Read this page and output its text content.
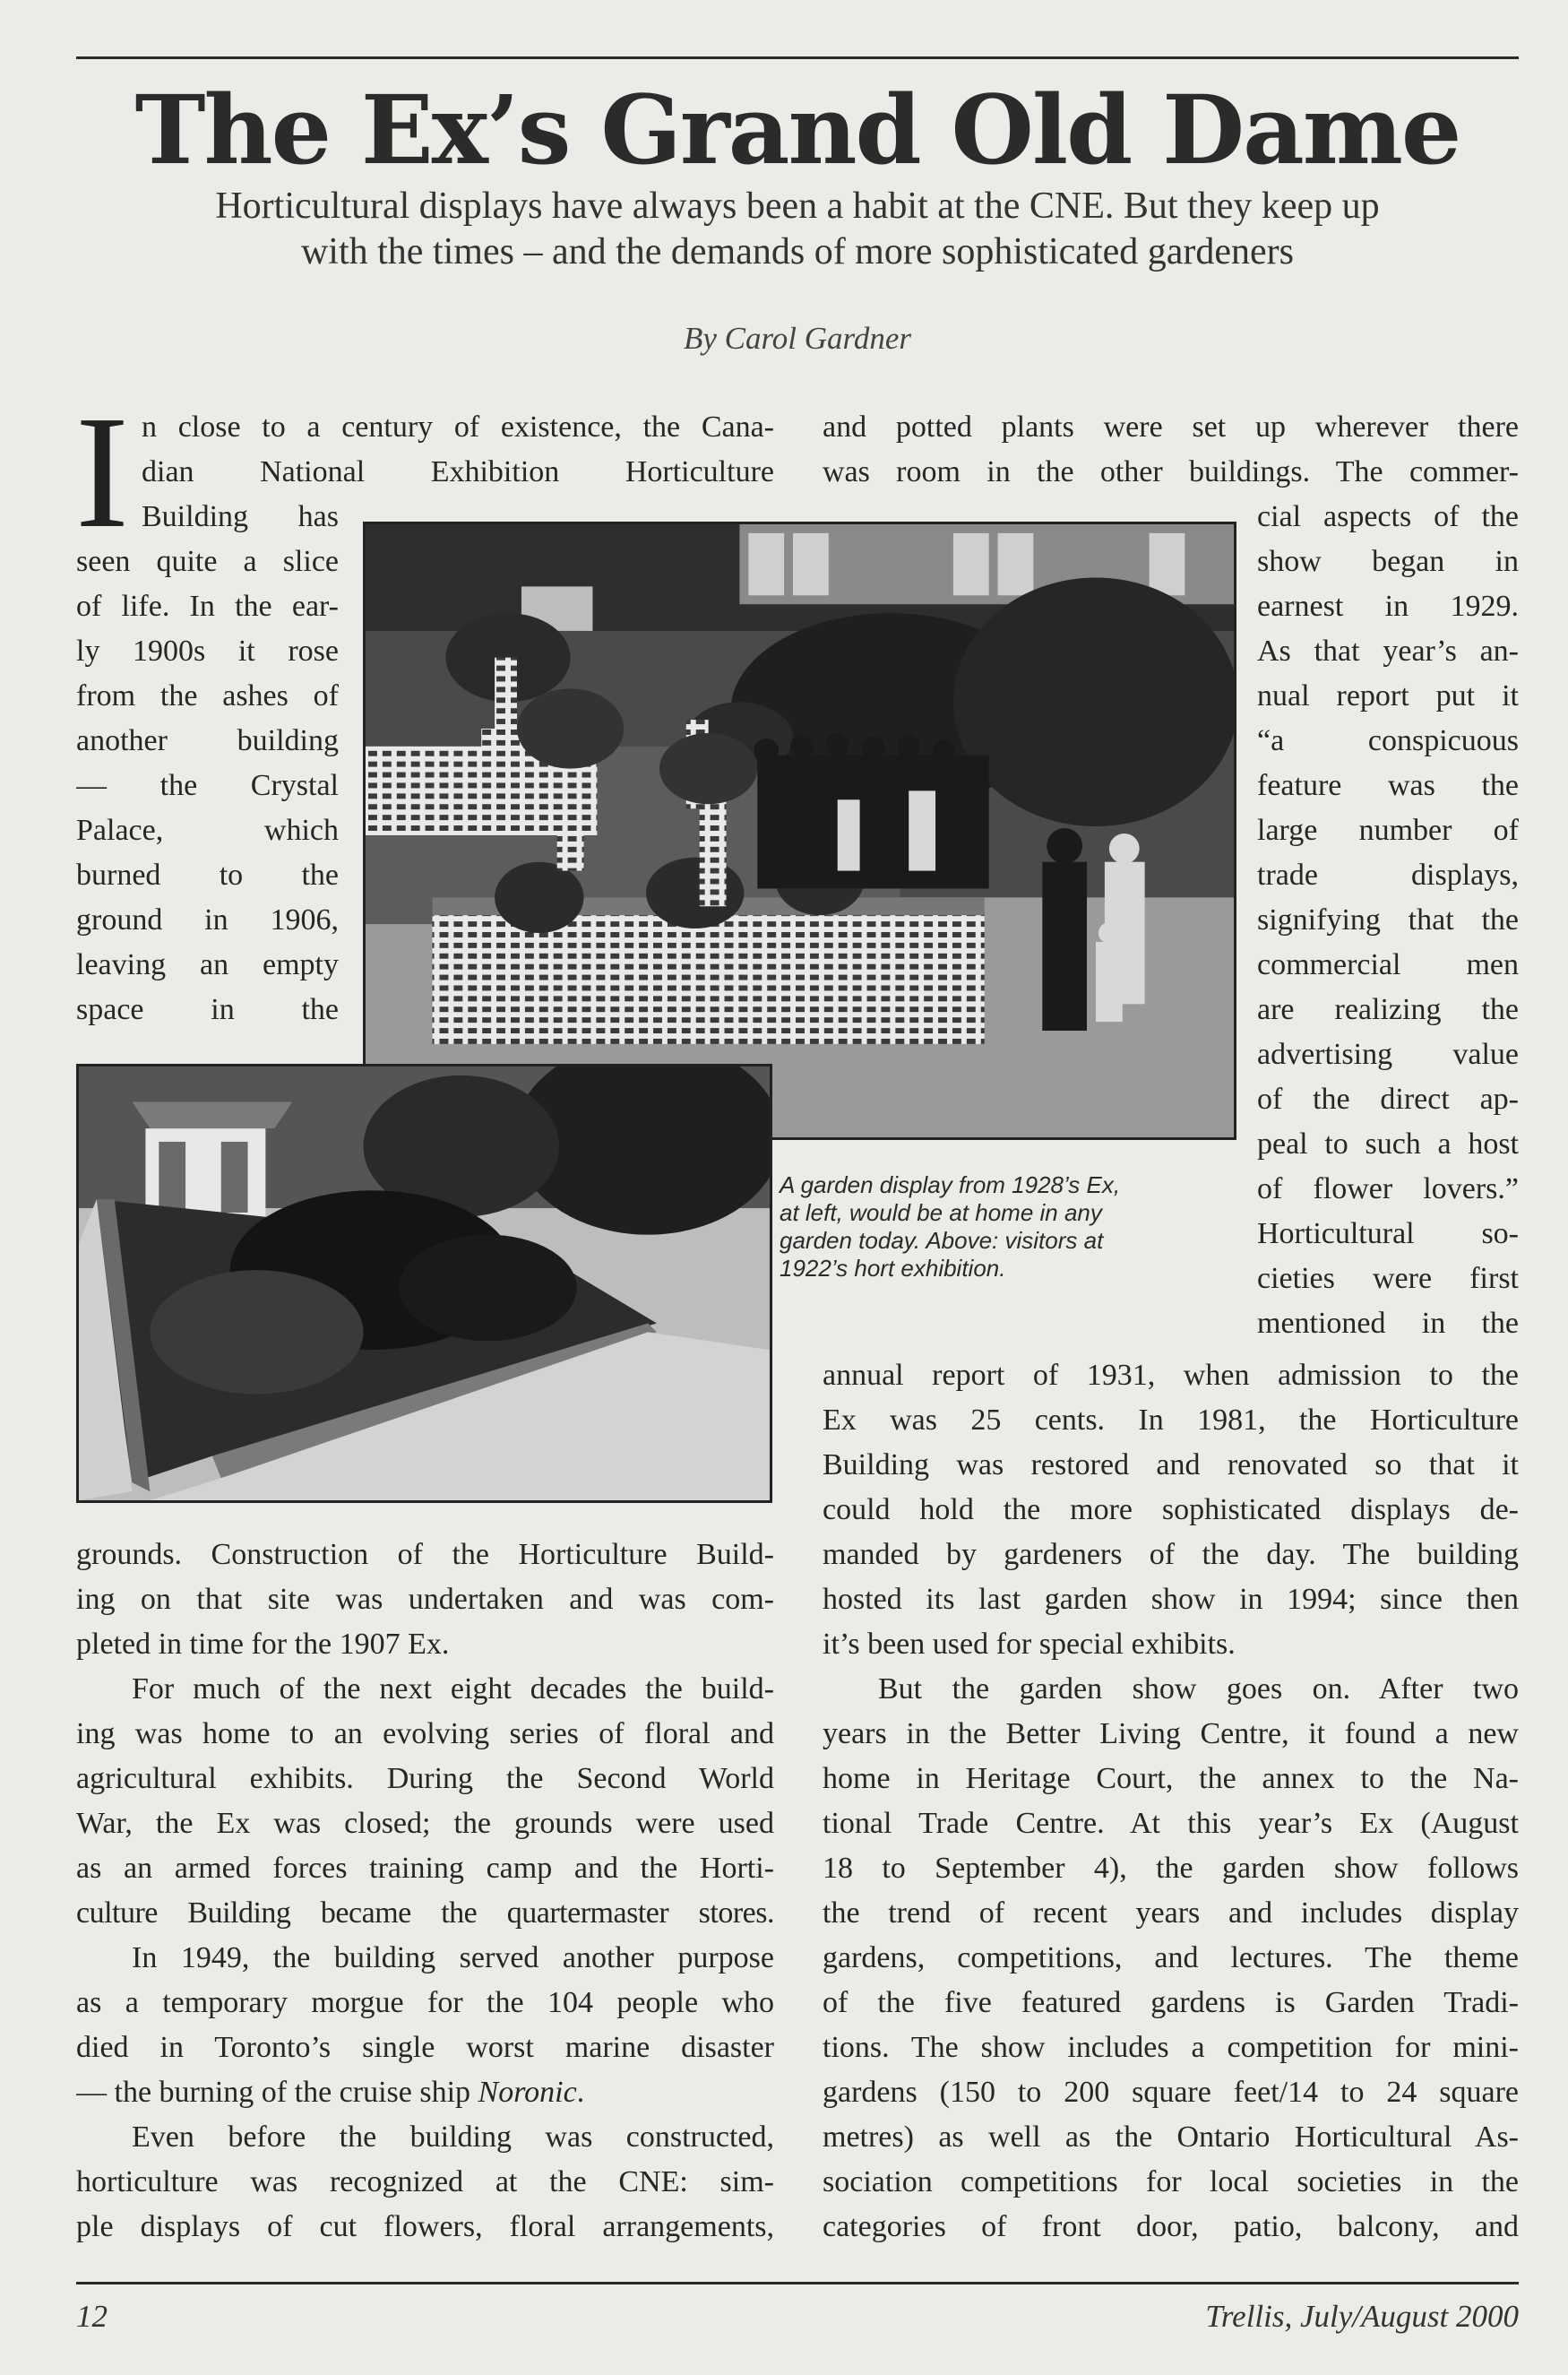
The Ex’s Grand Old Dame
Horticultural displays have always been a habit at the CNE. But they keep up
with the times – and the demands of more sophisticated gardeners
By Carol Gardner
I n close to a century of existence, the Cana-
dian National Exhibition Horticulture
Building has
seen quite a slice
of life. In the ear-
ly 1900s it rose
from the ashes of
another building
— the Crystal
Palace, which
burned to the
ground in 1906,
leaving an empty
space in the
grounds. Construction of the Horticulture Build-
ing on that site was undertaken and was com-
pleted in time for the 1907 Ex.
For much of the next eight decades the build-
ing was home to an evolving series of floral and
agricultural exhibits. During the Second World
War, the Ex was closed; the grounds were used
as an armed forces training camp and the Horti-
culture Building became the quartermaster stores.
In 1949, the building served another purpose
as a temporary morgue for the 104 people who
died in Toronto’s single worst marine disaster
— the burning of the cruise ship Noronic.
Even before the building was constructed,
horticulture was recognized at the CNE: sim-
ple displays of cut flowers, floral arrangements,
and potted plants were set up wherever there
was room in the other buildings. The commer-
cial aspects of the
show began in
earnest in 1929.
As that year’s an-
nual report put it
“a conspicuous
feature was the
large number of
trade displays,
signifying that the
commercial men
are realizing the
advertising value
of the direct ap-
peal to such a host
of flower lovers.”
Horticultural so-
cieties were first
mentioned in the
annual report of 1931, when admission to the
Ex was 25 cents. In 1981, the Horticulture
Building was restored and renovated so that it
could hold the more sophisticated displays de-
manded by gardeners of the day. The building
hosted its last garden show in 1994; since then
it’s been used for special exhibits.
But the garden show goes on. After two
years in the Better Living Centre, it found a new
home in Heritage Court, the annex to the Na-
tional Trade Centre. At this year’s Ex (August
18 to September 4), the garden show follows
the trend of recent years and includes display
gardens, competitions, and lectures. The theme
of the five featured gardens is Garden Tradi-
tions. The show includes a competition for mini-
gardens (150 to 200 square feet/14 to 24 square
metres) as well as the Ontario Horticultural As-
sociation competitions for local societies in the
categories of front door, patio, balcony, and
A garden display from 1928’s Ex,
at left, would be at home in any
garden today. Above: visitors at
1922’s hort exhibition.
12	Trellis, July/August 2000
